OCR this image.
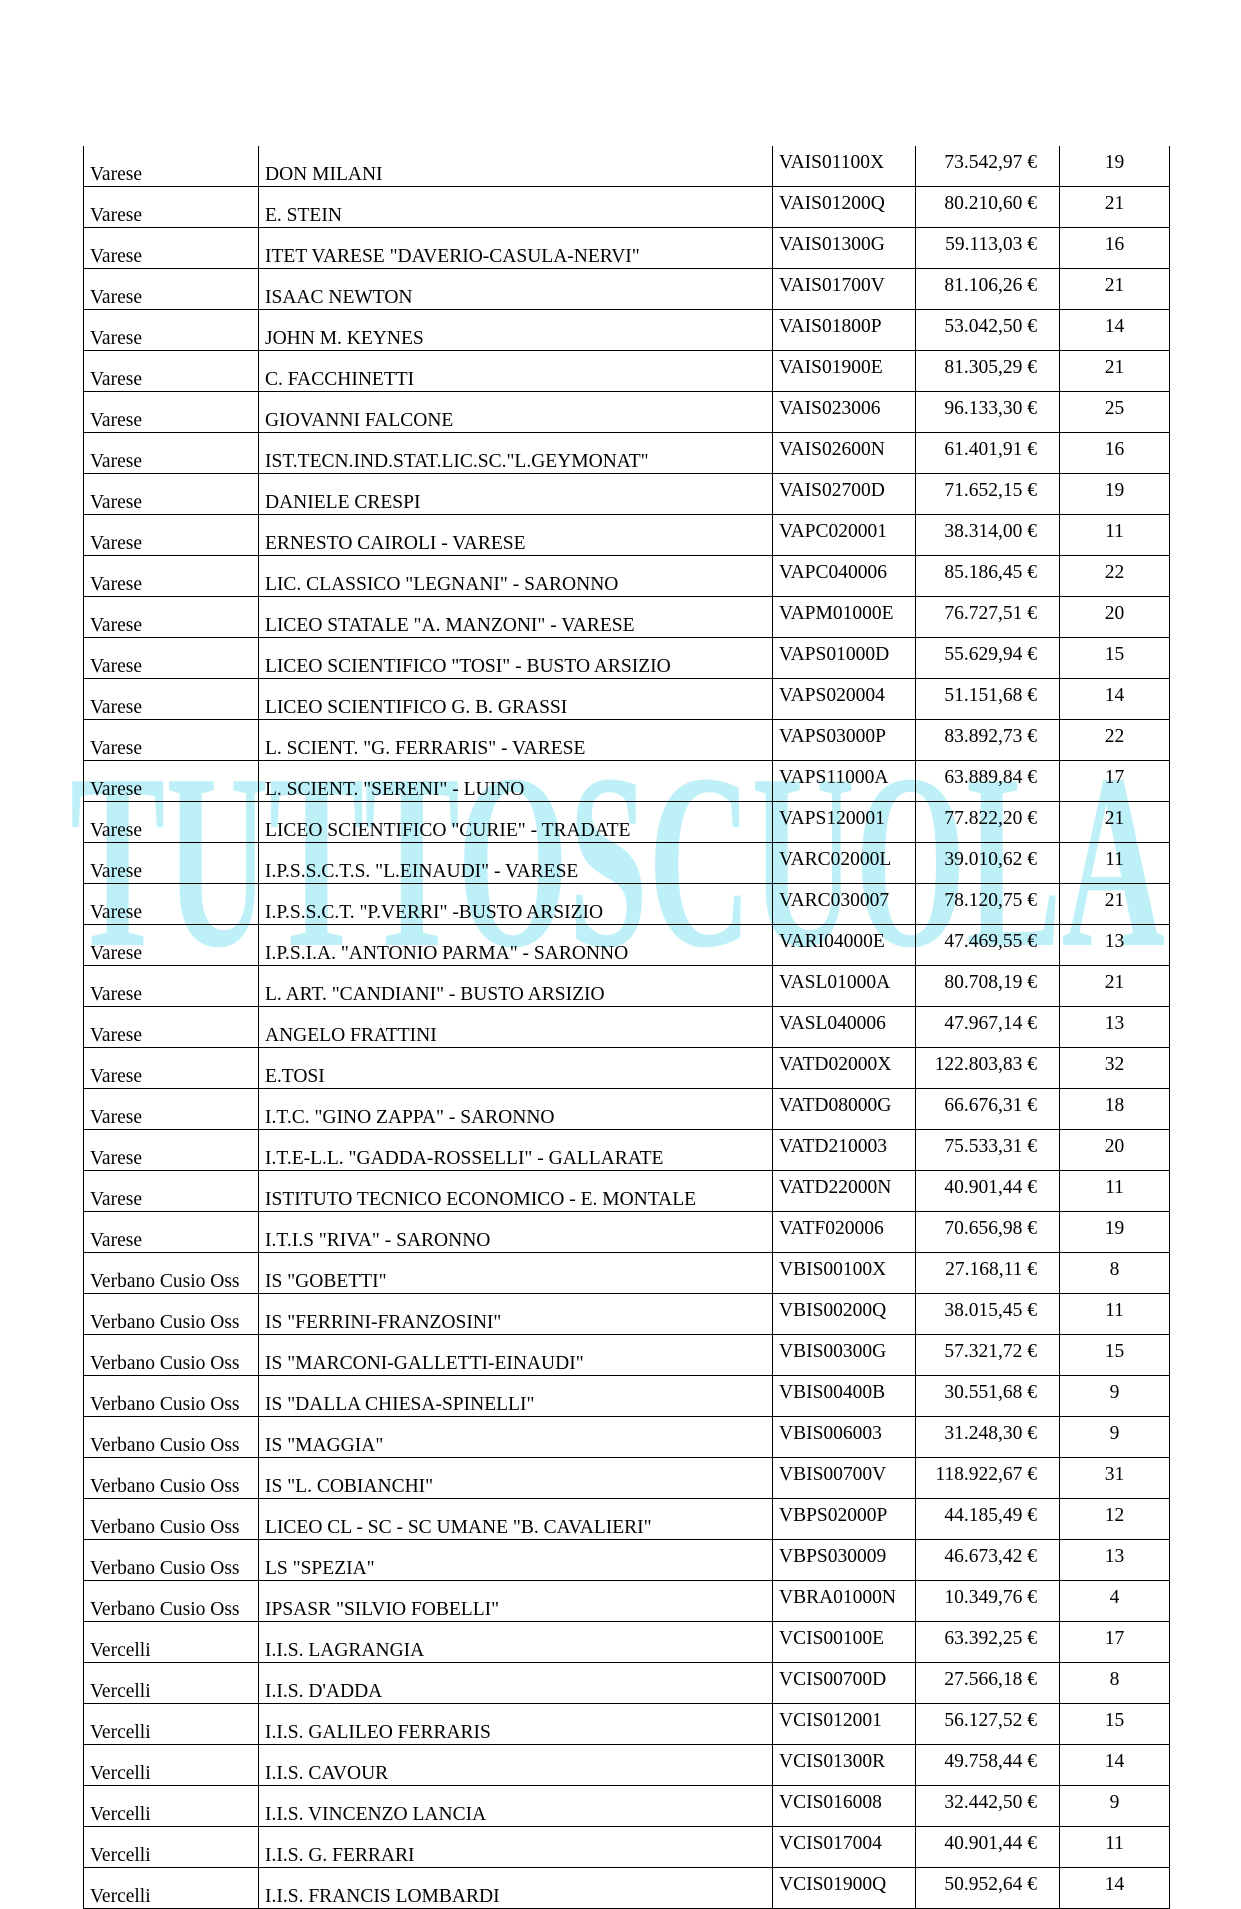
TUTTOSCUOLA
Varese	DON MILANI	VAIS01100X	73.542,97 €	19
Varese	E. STEIN	VAIS01200Q	80.210,60 €	21
Varese	ITET VARESE "DAVERIO-CASULA-NERVI"	VAIS01300G	59.113,03 €	16
Varese	ISAAC NEWTON	VAIS01700V	81.106,26 €	21
Varese	JOHN M. KEYNES	VAIS01800P	53.042,50 €	14
Varese	C. FACCHINETTI	VAIS01900E	81.305,29 €	21
Varese	GIOVANNI FALCONE	VAIS023006	96.133,30 €	25
Varese	IST.TECN.IND.STAT.LIC.SC."L.GEYMONAT"	VAIS02600N	61.401,91 €	16
Varese	DANIELE CRESPI	VAIS02700D	71.652,15 €	19
Varese	ERNESTO CAIROLI - VARESE	VAPC020001	38.314,00 €	11
Varese	LIC. CLASSICO "LEGNANI" - SARONNO	VAPC040006	85.186,45 €	22
Varese	LICEO STATALE "A. MANZONI" - VARESE	VAPM01000E	76.727,51 €	20
Varese	LICEO SCIENTIFICO "TOSI" - BUSTO ARSIZIO	VAPS01000D	55.629,94 €	15
Varese	LICEO SCIENTIFICO G. B. GRASSI	VAPS020004	51.151,68 €	14
Varese	L. SCIENT. "G. FERRARIS" - VARESE	VAPS03000P	83.892,73 €	22
Varese	L. SCIENT. "SERENI" - LUINO	VAPS11000A	63.889,84 €	17
Varese	LICEO SCIENTIFICO "CURIE" - TRADATE	VAPS120001	77.822,20 €	21
Varese	I.P.S.S.C.T.S. "L.EINAUDI" - VARESE	VARC02000L	39.010,62 €	11
Varese	I.P.S.S.C.T. "P.VERRI" -BUSTO ARSIZIO	VARC030007	78.120,75 €	21
Varese	I.P.S.I.A. "ANTONIO PARMA" - SARONNO	VARI04000E	47.469,55 €	13
Varese	L. ART. "CANDIANI" - BUSTO ARSIZIO	VASL01000A	80.708,19 €	21
Varese	ANGELO FRATTINI	VASL040006	47.967,14 €	13
Varese	E.TOSI	VATD02000X	122.803,83 €	32
Varese	I.T.C. "GINO ZAPPA" - SARONNO	VATD08000G	66.676,31 €	18
Varese	I.T.E-L.L. "GADDA-ROSSELLI" - GALLARATE	VATD210003	75.533,31 €	20
Varese	ISTITUTO TECNICO ECONOMICO - E. MONTALE	VATD22000N	40.901,44 €	11
Varese	I.T.I.S "RIVA" - SARONNO	VATF020006	70.656,98 €	19
Verbano Cusio Oss	IS "GOBETTI"	VBIS00100X	27.168,11 €	8
Verbano Cusio Oss	IS "FERRINI-FRANZOSINI"	VBIS00200Q	38.015,45 €	11
Verbano Cusio Oss	IS "MARCONI-GALLETTI-EINAUDI"	VBIS00300G	57.321,72 €	15
Verbano Cusio Oss	IS "DALLA CHIESA-SPINELLI"	VBIS00400B	30.551,68 €	9
Verbano Cusio Oss	IS "MAGGIA"	VBIS006003	31.248,30 €	9
Verbano Cusio Oss	IS "L. COBIANCHI"	VBIS00700V	118.922,67 €	31
Verbano Cusio Oss	LICEO CL - SC - SC UMANE "B. CAVALIERI"	VBPS02000P	44.185,49 €	12
Verbano Cusio Oss	LS "SPEZIA"	VBPS030009	46.673,42 €	13
Verbano Cusio Oss	IPSASR "SILVIO FOBELLI"	VBRA01000N	10.349,76 €	4
Vercelli	I.I.S. LAGRANGIA	VCIS00100E	63.392,25 €	17
Vercelli	I.I.S. D'ADDA	VCIS00700D	27.566,18 €	8
Vercelli	I.I.S. GALILEO FERRARIS	VCIS012001	56.127,52 €	15
Vercelli	I.I.S. CAVOUR	VCIS01300R	49.758,44 €	14
Vercelli	I.I.S. VINCENZO LANCIA	VCIS016008	32.442,50 €	9
Vercelli	I.I.S. G. FERRARI	VCIS017004	40.901,44 €	11
Vercelli	I.I.S. FRANCIS LOMBARDI	VCIS01900Q	50.952,64 €	14
